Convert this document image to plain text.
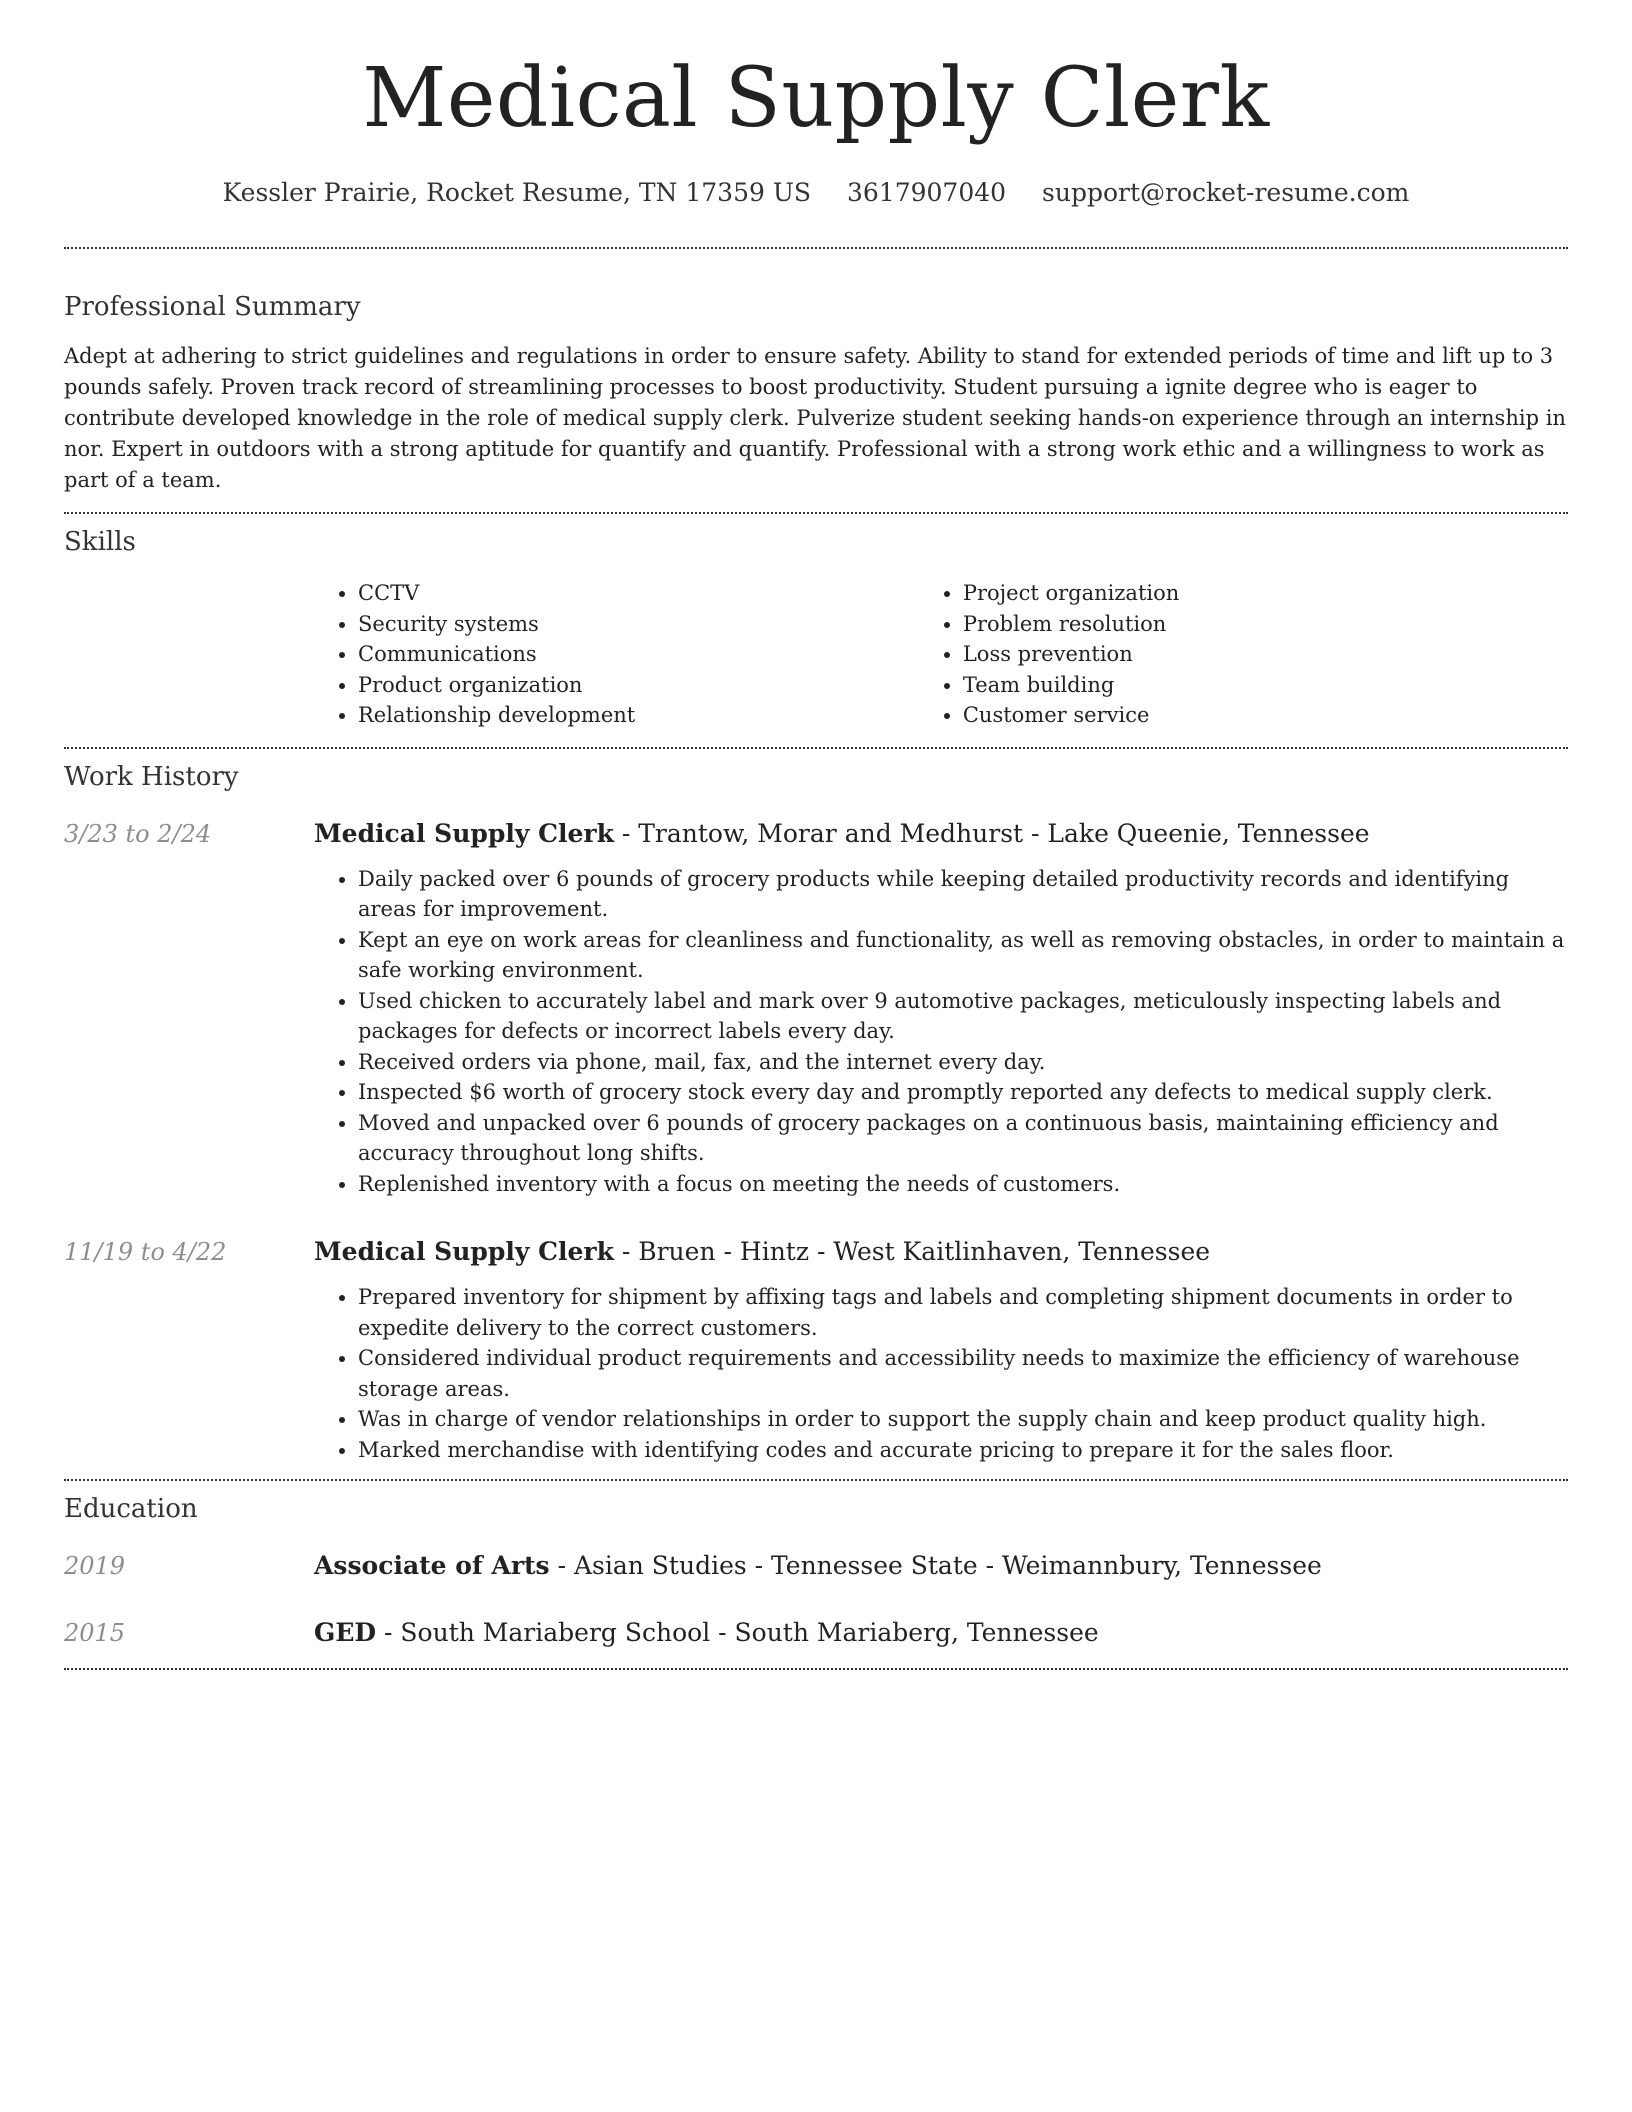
Medical Supply Clerk
Kessler Prairie, Rocket Resume, TN 17359 US 3617907040 support@rocket-resume.com
Professional Summary

Adept at adhering to strict guidelines and regulations in order to ensure safety. Ability to stand for extended periods of time and lift up to 3 pounds safely. Proven track record of streamlining processes to boost productivity. Student pursuing a ignite degree who is eager to contribute developed knowledge in the role of medical supply clerk. Pulverize student seeking hands-on experience through an internship in nor. Expert in outdoors with a strong aptitude for quantify and quantify. Professional with a strong work ethic and a willingness to work as part of a team.

Skills
• CCTV
• Security systems
• Communications
• Product organization
• Relationship development
• Project organization
• Problem resolution
• Loss prevention
• Team building
• Customer service
Work History
3/23 to 2/24	Medical Supply Clerk - Trantow, Morar and Medhurst - Lake Queenie, Tennessee
• Daily packed over 6 pounds of grocery products while keeping detailed productivity records and identifying areas for improvement.
• Kept an eye on work areas for cleanliness and functionality, as well as removing obstacles, in order to maintain a safe working environment.
• Used chicken to accurately label and mark over 9 automotive packages, meticulously inspecting labels and packages for defects or incorrect labels every day.
• Received orders via phone, mail, fax, and the internet every day.
• Inspected $6 worth of grocery stock every day and promptly reported any defects to medical supply clerk.
• Moved and unpacked over 6 pounds of grocery packages on a continuous basis, maintaining efficiency and accuracy throughout long shifts.
• Replenished inventory with a focus on meeting the needs of customers.
11/19 to 4/22	Medical Supply Clerk - Bruen - Hintz - West Kaitlinhaven, Tennessee
• Prepared inventory for shipment by affixing tags and labels and completing shipment documents in order to expedite delivery to the correct customers.
• Considered individual product requirements and accessibility needs to maximize the efficiency of warehouse storage areas.
• Was in charge of vendor relationships in order to support the supply chain and keep product quality high.
• Marked merchandise with identifying codes and accurate pricing to prepare it for the sales floor.
Education
2019	Associate of Arts - Asian Studies - Tennessee State - Weimannbury, Tennessee
2015	GED - South Mariaberg School - South Mariaberg, Tennessee
